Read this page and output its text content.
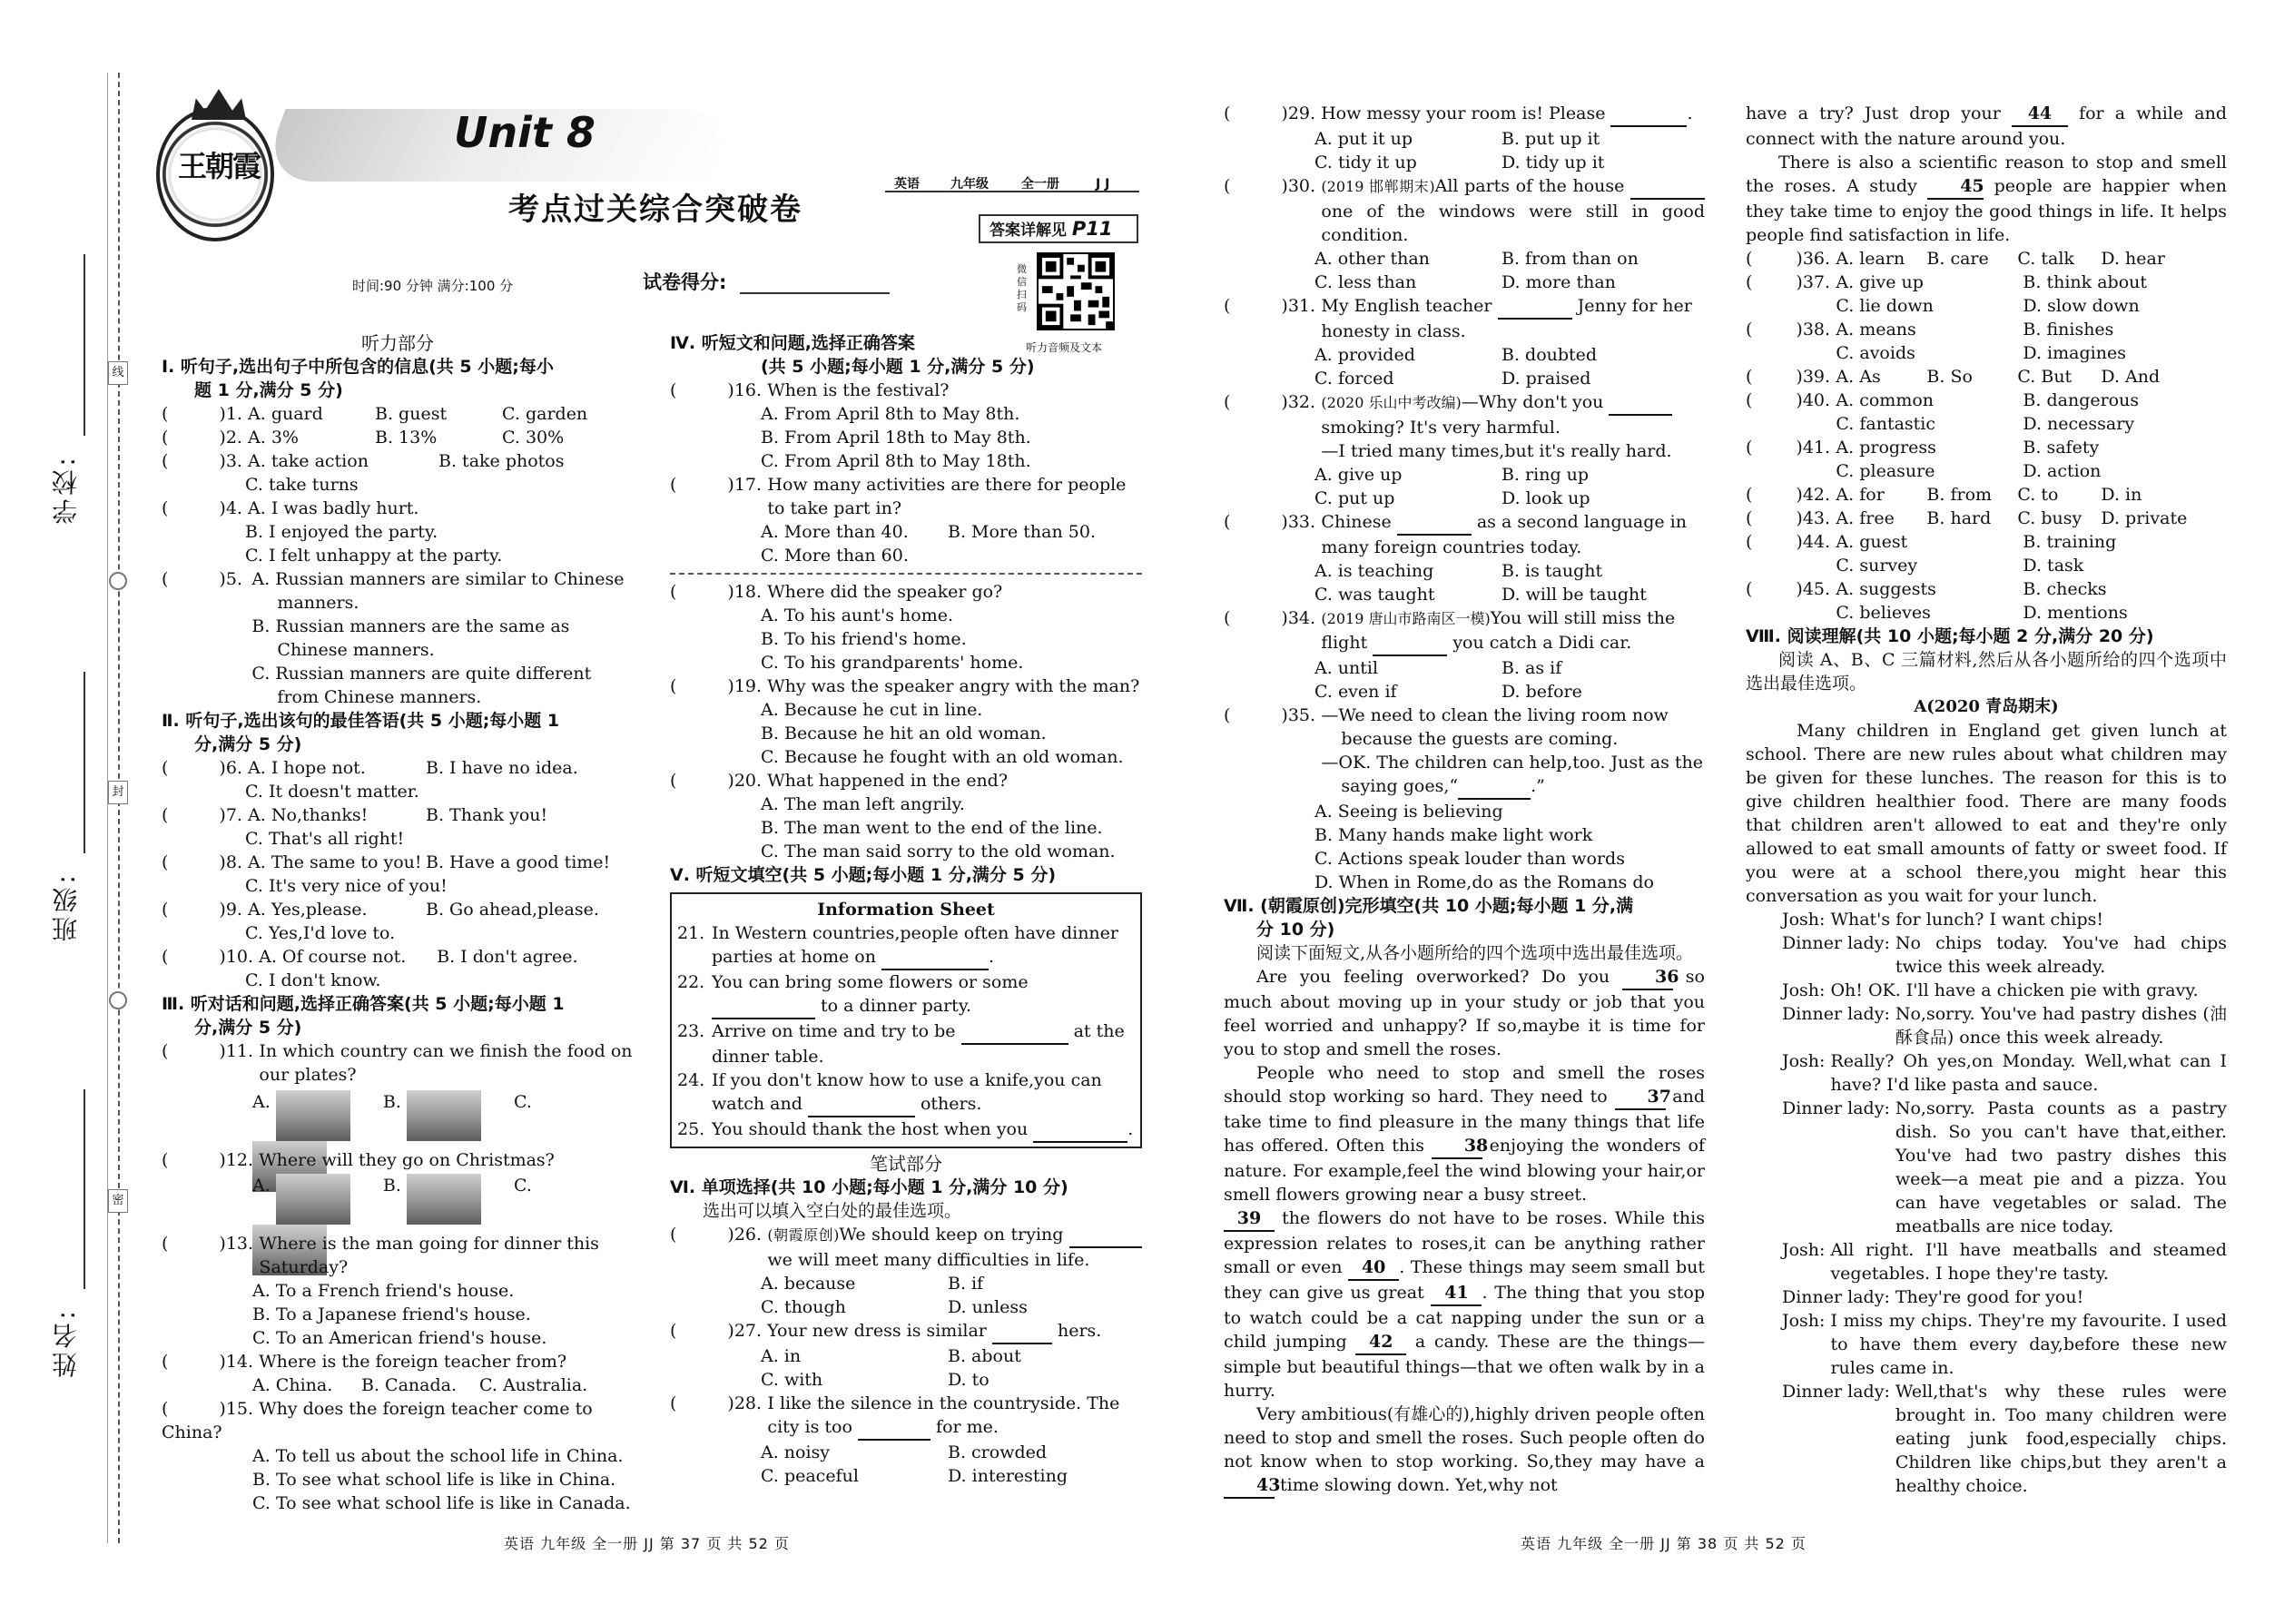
学校:
班级:
姓名:
线
封
密
王朝霞
Unit 8
考点过关综合突破卷
英语 九年级	全一册	J J
答案详解见 P11
微信扫码
听力音频及文本
时间:90 分钟 满分:100 分	试卷得分:
听力部分
Ⅰ. 听句子,选出句子中所包含的信息(共 5 小题;每小
题 1 分,满分 5 分)
(	)1. A. guard	B. guest	C. garden
(	)2. A. 3%	B. 13%	C. 30%
(	)3. A. take action	B. take photos
C. take turns
(	)4. A. I was badly hurt.
B. I enjoyed the party.
C. I felt unhappy at the party.
(	)5. A. Russian manners are similar to Chinese manners.
B. Russian manners are the same as Chinese manners.
C. Russian manners are quite different from Chinese manners.
Ⅱ. 听句子,选出该句的最佳答语(共 5 小题;每小题 1
分,满分 5 分)
(	)6. A. I hope not.	B. I have no idea.
C. It doesn't matter.
(	)7. A. No,thanks!	B. Thank you!
C. That's all right!
(	)8. A. The same to you! B. Have a good time!
C. It's very nice of you!
(	)9. A. Yes,please.	B. Go ahead,please.
C. Yes,I'd love to.
(	)10. A. Of course not. B. I don't agree.
C. I don't know.
Ⅲ. 听对话和问题,选择正确答案(共 5 小题;每小题 1
分,满分 5 分)
(	)11. In which country can we finish the food on our plates?
A.	B.	C.
(	)12. Where will they go on Christmas?
A.	B.	C.
(	)13. Where is the man going for dinner this Saturday?
A. To a French friend's house.
B. To a Japanese friend's house.
C. To an American friend's house.
(	)14. Where is the foreign teacher from?
A. China. B. Canada. C. Australia.
(	)15. Why does the foreign teacher come to China?
A. To tell us about the school life in China.
B. To see what school life is like in China.
C. To see what school life is like in Canada.
Ⅳ. 听短文和问题,选择正确答案
(共 5 小题;每小题 1 分,满分 5 分)
(	)16. When is the festival?
A. From April 8th to May 8th.
B. From April 18th to May 8th.
C. From April 8th to May 18th.
(	)17. How many activities are there for people to take part in?
A. More than 40. B. More than 50.
C. More than 60.
(	)18. Where did the speaker go?
A. To his aunt's home.
B. To his friend's home.
C. To his grandparents' home.
(	)19. Why was the speaker angry with the man?
A. Because he cut in line.
B. Because he hit an old woman.
C. Because he fought with an old woman.
(	)20. What happened in the end?
A. The man left angrily.
B. The man went to the end of the line.
C. The man said sorry to the old woman.
Ⅴ. 听短文填空(共 5 小题;每小题 1 分,满分 5 分)
Information Sheet
21. In Western countries,people often have dinner parties at home on	.
22. You can bring some flowers or some   to a dinner party.
23. Arrive on time and try to be	at the dinner table.
24. If you don't know how to use a knife,you can watch and	others.
25. You should thank the host when you	.
笔试部分
Ⅵ. 单项选择(共 10 小题;每小题 1 分,满分 10 分)
选出可以填入空白处的最佳选项。
(	)26. (朝霞原创)We should keep on trying   we will meet many difficulties in life.
A. because	B. if
C. though	D. unless
(	)27. Your new dress is similar	hers.
A. in	B. about
C. with	D. to
(	)28. I like the silence in the countryside. The city is too	for me.
A. noisy	B. crowded
C. peaceful	D. interesting
英语 九年级 全一册 JJ 第 37 页 共 52 页
(	)29. How messy your room is! Please	.
A. put it up	B. put up it
C. tidy it up	D. tidy up it
(	)30. (2019 邯郸期末)All parts of the house   one of the windows were still in good condition.
A. other than	B. from than on
C. less than	D. more than
(	)31. My English teacher	Jenny for her honesty in class.
A. provided	B. doubted
C. forced	D. praised
(	)32. (2020 乐山中考改编)—Why don't you   smoking? It's very harmful.
—I tried many times,but it's really hard.
A. give up	B. ring up
C. put up	D. look up
(	)33. Chinese	as a second language in many foreign countries today.
A. is teaching	B. is taught
C. was taught	D. will be taught
(	)34. (2019 唐山市路南区一模)You will still miss the flight	you catch a Didi car.
A. until	B. as if
C. even if	D. before
(	)35. —We need to clean the living room now because the guests are coming.
—OK. The children can help,too. Just as the saying goes,“	.”
A. Seeing is believing
B. Many hands make light work
C. Actions speak louder than words
D. When in Rome,do as the Romans do
Ⅶ. (朝霞原创)完形填空(共 10 小题;每小题 1 分,满
分 10 分)
阅读下面短文,从各小题所给的四个选项中选出最佳选项。
Are you feeling overworked? Do you	36 so much about moving up in your study or job that you feel worried and unhappy? If so,maybe it is time for you to stop and smell the roses.
People who need to stop and smell the roses should stop working so hard. They need to 37 and take time to find pleasure in the many things that life has offered. Often this 38 enjoying the wonders of nature. For example,feel the wind blowing your hair,or smell flowers growing near a busy street.
39 the flowers do not have to be roses. While this expression relates to roses,it can be anything rather small or even 40 . These things may seem small but they can give us great 41 . The thing that you stop to watch could be a cat napping under the sun or a child jumping 42 a candy. These are the things—simple but beautiful things—that we often walk by in a hurry.
Very ambitious(有雄心的),highly driven people often need to stop and smell the roses. Such people often do not know when to stop working. So,they may have a 43 time slowing down. Yet,why not
have a try? Just drop your 44 for a while and connect with the nature around you.
There is also a scientific reason to stop and smell the roses. A study 45 people are happier when they take time to enjoy the good things in life. It helps people find satisfaction in life.
(	)36. A. learn B. care C. talk D. hear
(	)37. A. give up	B. think about
C. lie down	D. slow down
(	)38. A. means	B. finishes
C. avoids	D. imagines
(	)39. A. As	B. So	C. But D. And
(	)40. A. common	B. dangerous
C. fantastic	D. necessary
(	)41. A. progress	B. safety
C. pleasure	D. action
(	)42. A. for B. from C. to D. in
(	)43. A. free B. hard C. busy D. private
(	)44. A. guest	B. training
C. survey	D. task
(	)45. A. suggests	B. checks
C. believes	D. mentions
Ⅷ. 阅读理解(共 10 小题;每小题 2 分,满分 20 分)
阅读 A、B、C 三篇材料,然后从各小题所给的四个选项中选出最佳选项。
A(2020 青岛期末)
Many children in England get given lunch at school. There are new rules about what children may be given for these lunches. The reason for this is to give children healthier food. There are many foods that children aren't allowed to eat and they're only allowed to eat small amounts of fatty or sweet food. If you were at a school there,you might hear this conversation as you wait for your lunch.
Josh: What's for lunch? I want chips!
Dinner lady: No chips today. You've had chips twice this week already.
Josh: Oh! OK. I'll have a chicken pie with gravy.
Dinner lady: No,sorry. You've had pastry dishes (油酥食品) once this week already.
Josh: Really? Oh yes,on Monday. Well,what can I have? I'd like pasta and sauce.
Dinner lady: No,sorry. Pasta counts as a pastry dish. So you can't have that,either. You've had two pastry dishes this week—a meat pie and a pizza. You can have vegetables or salad. The meatballs are nice today.
Josh: All right. I'll have meatballs and steamed vegetables. I hope they're tasty.
Dinner lady: They're good for you!
Josh: I miss my chips. They're my favourite. I used to have them every day,before these new rules came in.
Dinner lady: Well,that's why these rules were brought in. Too many children were eating junk food,especially chips. Children like chips,but they aren't a healthy choice.
英语 九年级 全一册 JJ 第 38 页 共 52 页
